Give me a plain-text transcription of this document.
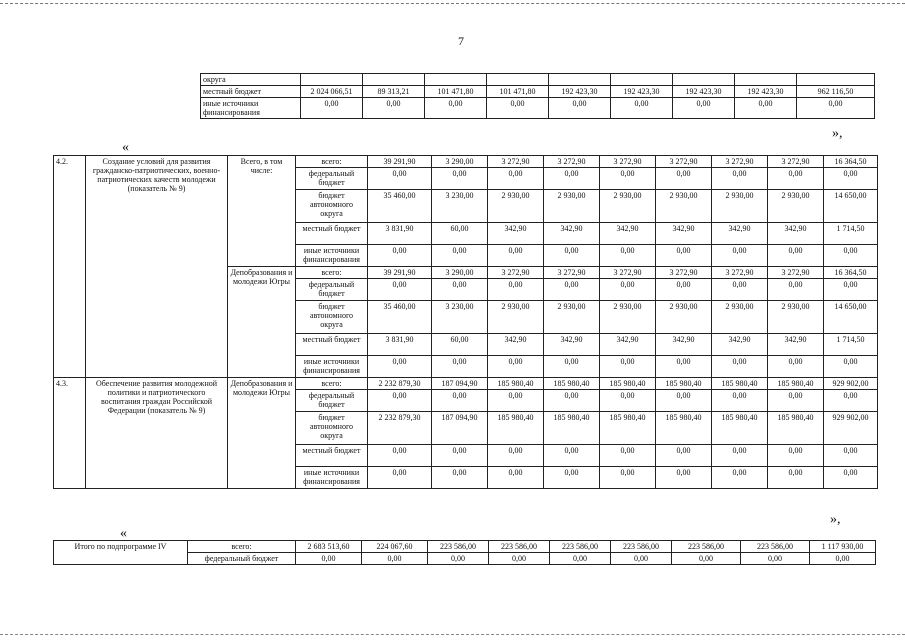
7
округа									
местный бюджет	2 024 066,51	89 313,21	101 471,80	101 471,80	192 423,30	192 423,30	192 423,30	192 423,30	962 116,50
иные источники финансирования	0,00	0,00	0,00	0,00	0,00	0,00	0,00	0,00	0,00
«
»,
4.2.	Создание условий для развития гражданско-патриотических, военно-патриотических качеств молодежи (показатель № 9)	Всего, в том числе:	всего:	39 291,90	3 290,00	3 272,90	3 272,90	3 272,90	3 272,90	3 272,90	3 272,90	16 364,50
			федеральный бюджет	0,00	0,00	0,00	0,00	0,00	0,00	0,00	0,00	0,00
			бюджет автономного округа	35 460,00	3 230,00	2 930,00	2 930,00	2 930,00	2 930,00	2 930,00	2 930,00	14 650,00
			местный бюджет	3 831,90	60,00	342,90	342,90	342,90	342,90	342,90	342,90	1 714,50
			иные источники финансирования	0,00	0,00	0,00	0,00	0,00	0,00	0,00	0,00	0,00
		Депобразования и молодежи Югры	всего:	39 291,90	3 290,00	3 272,90	3 272,90	3 272,90	3 272,90	3 272,90	3 272,90	16 364,50
			федеральный бюджет	0,00	0,00	0,00	0,00	0,00	0,00	0,00	0,00	0,00
			бюджет автономного округа	35 460,00	3 230,00	2 930,00	2 930,00	2 930,00	2 930,00	2 930,00	2 930,00	14 650,00
			местный бюджет	3 831,90	60,00	342,90	342,90	342,90	342,90	342,90	342,90	1 714,50
			иные источники финансирования	0,00	0,00	0,00	0,00	0,00	0,00	0,00	0,00	0,00
4.3.	Обеспечение развития молодежной политики и патриотического воспитания граждан Российской Федерации (показатель № 9)	Депобразования и молодежи Югры	всего:	2 232 879,30	187 094,90	185 980,40	185 980,40	185 980,40	185 980,40	185 980,40	185 980,40	929 902,00
			федеральный бюджет	0,00	0,00	0,00	0,00	0,00	0,00	0,00	0,00	0,00
			бюджет автономного округа	2 232 879,30	187 094,90	185 980,40	185 980,40	185 980,40	185 980,40	185 980,40	185 980,40	929 902,00
			местный бюджет	0,00	0,00	0,00	0,00	0,00	0,00	0,00	0,00	0,00
			иные источники финансирования	0,00	0,00	0,00	0,00	0,00	0,00	0,00	0,00	0,00
«
»,
Итого по подпрограмме IV	всего:	2 683 513,60	224 067,60	223 586,00	223 586,00	223 586,00	223 586,00	223 586,00	223 586,00	1 117 930,00
	федеральный бюджет	0,00	0,00	0,00	0,00	0,00	0,00	0,00	0,00	0,00
